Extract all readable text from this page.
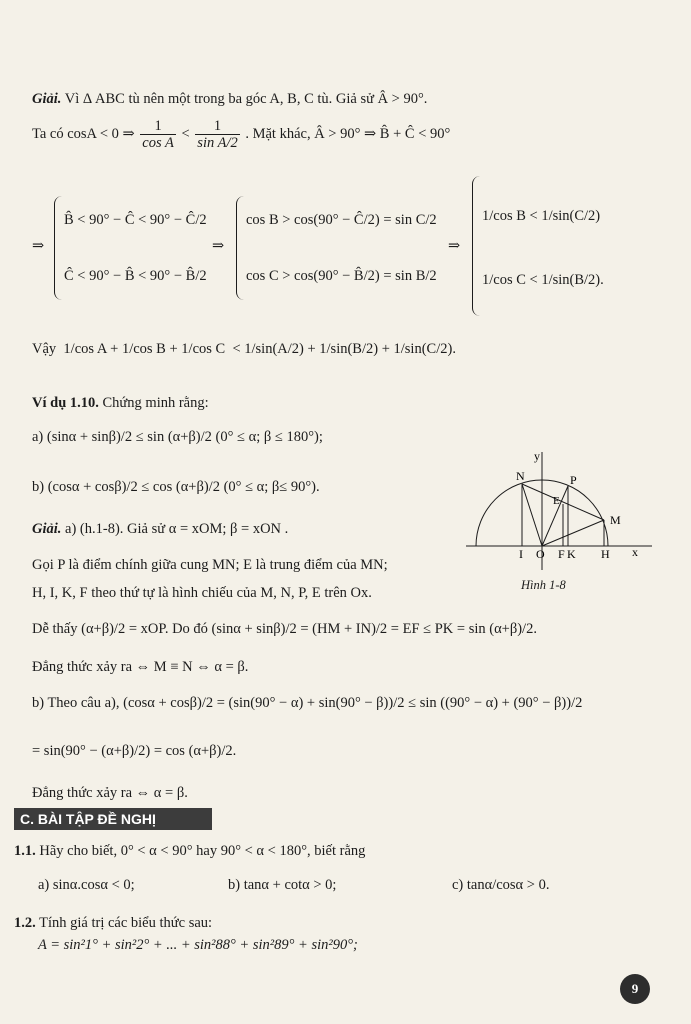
Giải. Vì Δ ABC tù nên một trong ba góc A, B, C tù. Giả sử Â > 90°.
Ta có cosA < 0 ⇒ $\frac{1}{\text{cos A}} < \frac{1}{\text{sin A/2}}$ . Mặt khác, Â > 90° ⇒ B̂ + Ĉ < 90°
⇒
B̂ < 90° − Ĉ < 90° − Ĉ/2
Ĉ < 90° − B̂ < 90° − B̂/2
⇒
cos B > cos(90° − Ĉ/2) = sin C/2
cos C > cos(90° − B̂/2) = sin B/2
⇒
1/cos B < 1/sin(C/2)
1/cos C < 1/sin(B/2).
Vậy 1/cos A + 1/cos B + 1/cos C < 1/sin(A/2) + 1/sin(B/2) + 1/sin(C/2).
Ví dụ 1.10. Chứng minh rằng:
a) (sinα + sinβ)/2 ≤ sin (α+β)/2 (0° ≤ α; β ≤ 180°);
b) (cosα + cosβ)/2 ≤ cos (α+β)/2 (0° ≤ α; β≤ 90°).
Giải. a) (h.1-8). Giả sử α = xOM; β = xON .
Gọi P là điểm chính giữa cung MN; E là trung điểm của MN;
H, I, K, F theo thứ tự là hình chiếu của M, N, P, E trên Ox.
Dễ thấy (α+β)/2 = xOP. Do đó (sinα + sinβ)/2 = (HM + IN)/2 = EF ≤ PK = sin (α+β)/2.
Đẳng thức xảy ra ⇔ M ≡ N ⇔ α = β.
b) Theo câu a), (cosα + cosβ)/2 = (sin(90° − α) + sin(90° − β))/2 ≤ sin ((90° − α) + (90° − β))/2
= sin(90° − (α+β)/2) = cos (α+β)/2.
Đẳng thức xảy ra ⇔ α = β.
y
N	P
E
M
I O F K H x
Hình 1-8
C. BÀI TẬP ĐỀ NGHỊ
1.1. Hãy cho biết, 0° < α < 90° hay 90° < α < 180°, biết rằng
a) sinα.cosα < 0;	b) tanα + cotα > 0;	c) tanα/cosα > 0.
1.2. Tính giá trị các biểu thức sau:
A = sin²1° + sin²2° + ... + sin²88° + sin²89° + sin²90°;
9
